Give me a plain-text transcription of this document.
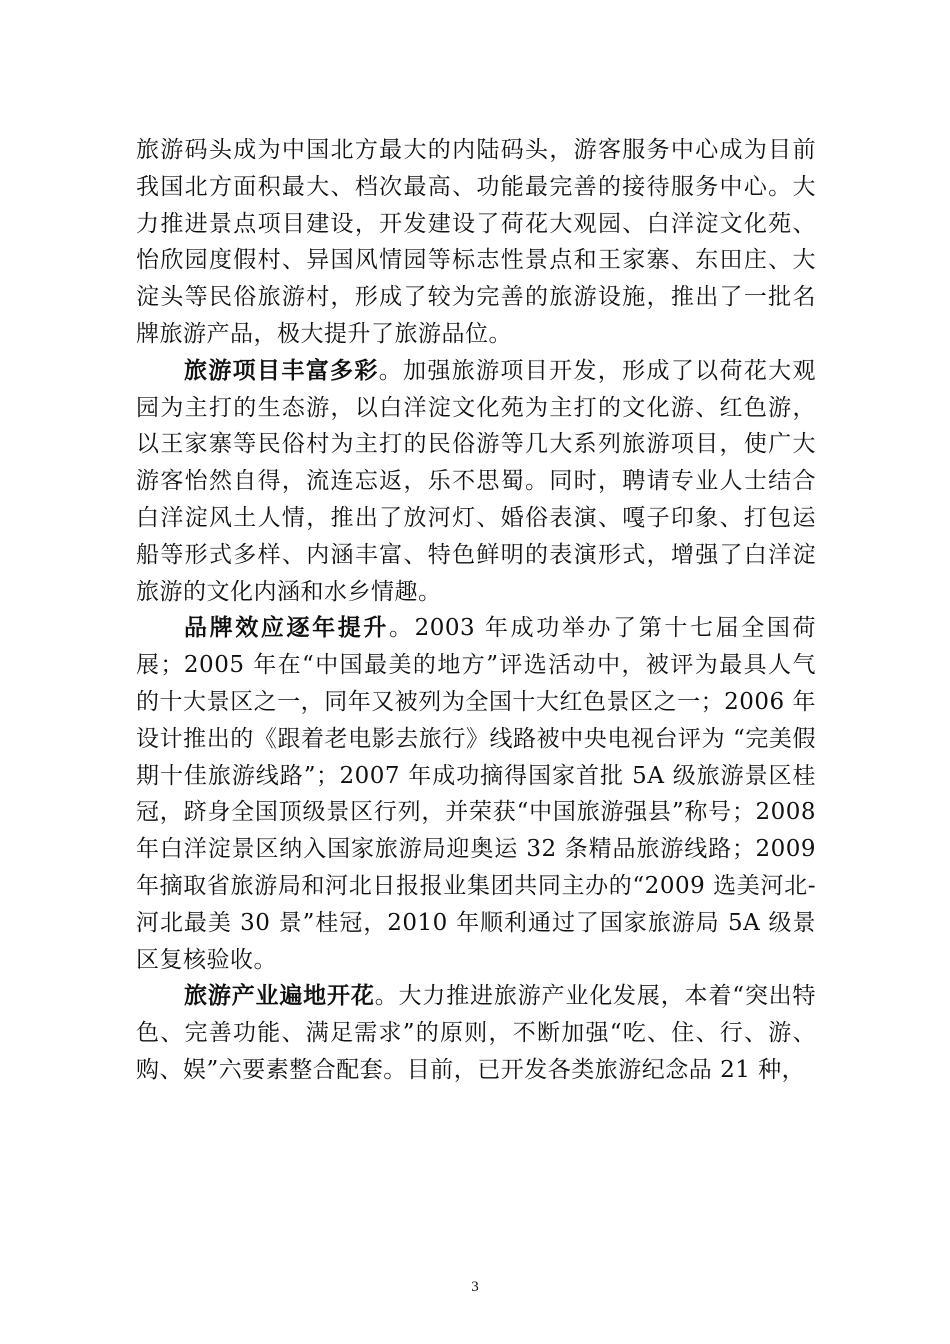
旅游码头成为中国北方最大的内陆码头，游客服务中心成为目前我国北方面积最大、档次最高、功能最完善的接待服务中心。大力推进景点项目建设，开发建设了荷花大观园、白洋淀文化苑、怡欣园度假村、异国风情园等标志性景点和王家寨、东田庄、大淀头等民俗旅游村，形成了较为完善的旅游设施，推出了一批名牌旅游产品，极大提升了旅游品位。

旅游项目丰富多彩。加强旅游项目开发，形成了以荷花大观园为主打的生态游，以白洋淀文化苑为主打的文化游、红色游，以王家寨等民俗村为主打的民俗游等几大系列旅游项目，使广大游客怡然自得，流连忘返，乐不思蜀。同时，聘请专业人士结合白洋淀风土人情，推出了放河灯、婚俗表演、嘎子印象、打包运船等形式多样、内涵丰富、特色鲜明的表演形式，增强了白洋淀旅游的文化内涵和水乡情趣。

品牌效应逐年提升。2003 年成功举办了第十七届全国荷展；2005 年在“中国最美的地方”评选活动中，被评为最具人气的十大景区之一，同年又被列为全国十大红色景区之一；2006 年设计推出的《跟着老电影去旅行》线路被中央电视台评为 “完美假期十佳旅游线路”；2007 年成功摘得国家首批 5A 级旅游景区桂冠，跻身全国顶级景区行列，并荣获“中国旅游强县”称号；2008 年白洋淀景区纳入国家旅游局迎奥运 32 条精品旅游线路；2009 年摘取省旅游局和河北日报报业集团共同主办的“2009 选美河北-河北最美 30 景”桂冠，2010 年顺利通过了国家旅游局 5A 级景区复核验收。

旅游产业遍地开花。大力推进旅游产业化发展，本着“突出特色、完善功能、满足需求”的原则，不断加强“吃、住、行、游、购、娱”六要素整合配套。目前，已开发各类旅游纪念品 21 种，

3
